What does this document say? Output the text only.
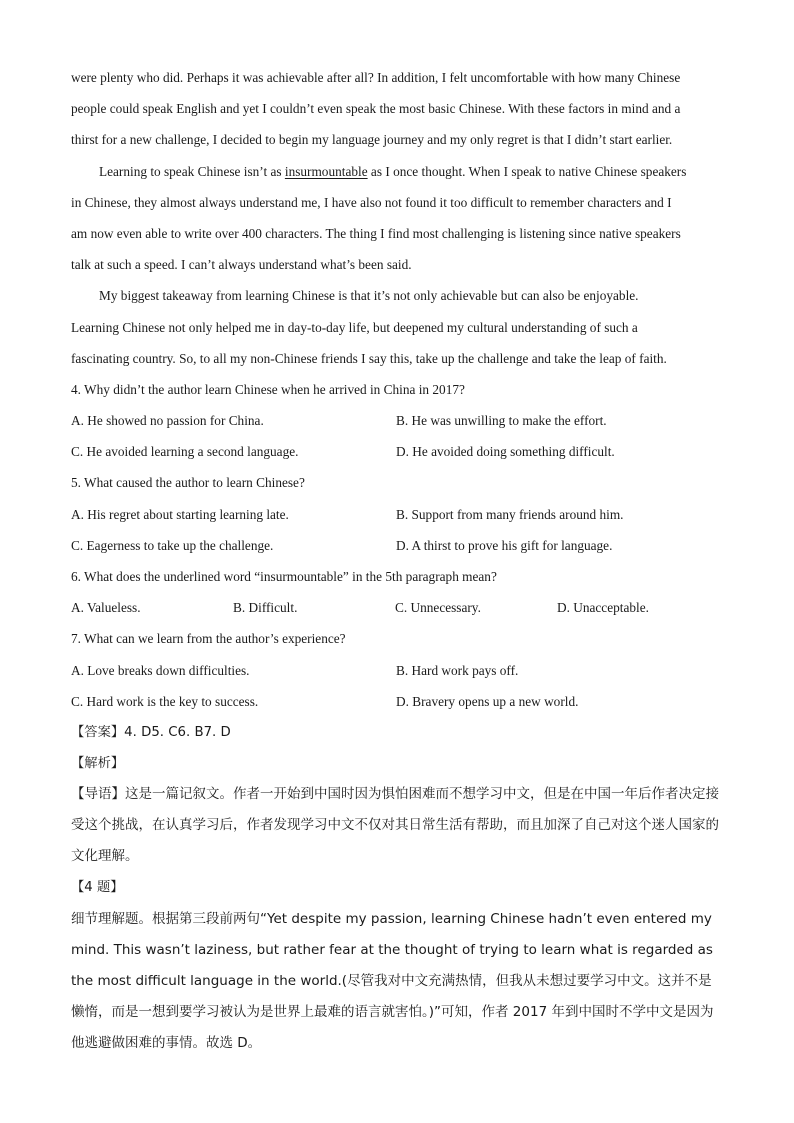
were plenty who did. Perhaps it was achievable after all? In addition, I felt uncomfortable with how many Chinese
people could speak English and yet I couldn’t even speak the most basic Chinese. With these factors in mind and a
thirst for a new challenge, I decided to begin my language journey and my only regret is that I didn’t start earlier.
Learning to speak Chinese isn’t as insurmountable as I once thought. When I speak to native Chinese speakers
in Chinese, they almost always understand me, I have also not found it too difficult to remember characters and I
am now even able to write over 400 characters. The thing I find most challenging is listening since native speakers
talk at such a speed. I can’t always understand what’s been said.
My biggest takeaway from learning Chinese is that it’s not only achievable but can also be enjoyable.
Learning Chinese not only helped me in day-to-day life, but deepened my cultural understanding of such a
fascinating country. So, to all my non-Chinese friends I say this, take up the challenge and take the leap of faith.
4. Why didn’t the author learn Chinese when he arrived in China in 2017?
A. He showed no passion for China.	B. He was unwilling to make the effort.
C. He avoided learning a second language.	D. He avoided doing something difficult.
5. What caused the author to learn Chinese?
A. His regret about starting learning late.	B. Support from many friends around him.
C. Eagerness to take up the challenge.	D. A thirst to prove his gift for language.
6. What does the underlined word “insurmountable” in the 5th paragraph mean?
A. Valueless.	B. Difficult.	C. Unnecessary.	D. Unacceptable.
7. What can we learn from the author’s experience?
A. Love breaks down difficulties.	B. Hard work pays off.
C. Hard work is the key to success.	D. Bravery opens up a new world.
【答案】4. D5. C6. B7. D
【解析】
【导语】这是一篇记叙文。作者一开始到中国时因为惧怕困难而不想学习中文，但是在中国一年后作者决定接受这个挑战，在认真学习后，作者发现学习中文不仅对其日常生活有帮助，而且加深了自己对这个迷人国家的文化理解。
【4 题】
细节理解题。根据第三段前两句“Yet despite my passion, learning Chinese hadn’t even entered my mind. This wasn’t laziness, but rather fear at the thought of trying to learn what is regarded as the most difficult language in the world.(尽管我对中文充满热情，但我从未想过要学习中文。这并不是懒惰，而是一想到要学习被认为是世界上最难的语言就害怕。)”可知，作者 2017 年到中国时不学中文是因为他逃避做困难的事情。故选 D。
